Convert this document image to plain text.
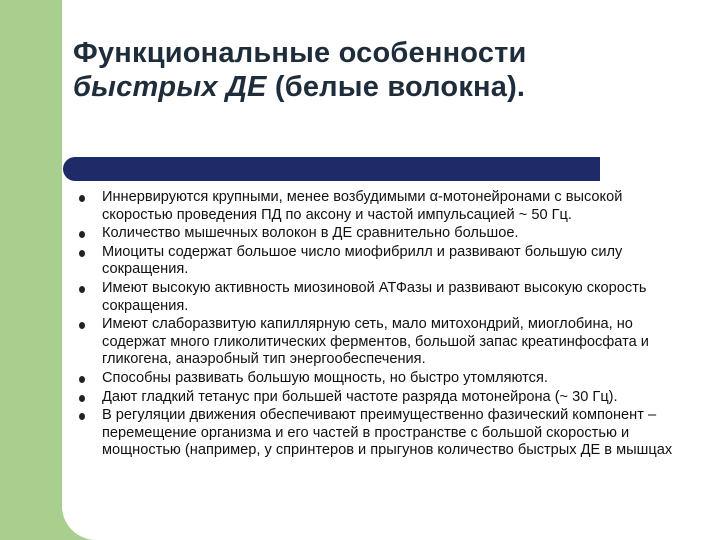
Функциональные особенности
быстрых ДЕ (белые волокна).
Иннервируются крупными, менее возбудимыми α-мотонейронами с высокой скоростью проведения ПД по аксону и частой импульсацией ~ 50 Гц.
Количество мышечных волокон в ДЕ сравнительно большое.
Миоциты содержат большое число миофибрилл и развивают большую силу сокращения.
Имеют высокую активность миозиновой АТФазы и развивают высокую скорость сокращения.
Имеют слаборазвитую капиллярную сеть, мало митохондрий, миоглобина, но содержат много гликолитических ферментов, большой запас креатинфосфата и гликогена, анаэробный тип энергообеспечения.
Способны развивать большую мощность, но быстро утомляются.
Дают гладкий тетанус при большей частоте разряда мотонейрона (~ 30 Гц).
В регуляции движения обеспечивают преимущественно фазический компонент – перемещение организма и его частей в пространстве с большой скоростью и мощностью (например, у спринтеров и прыгунов количество быстрых ДЕ в мышцах
